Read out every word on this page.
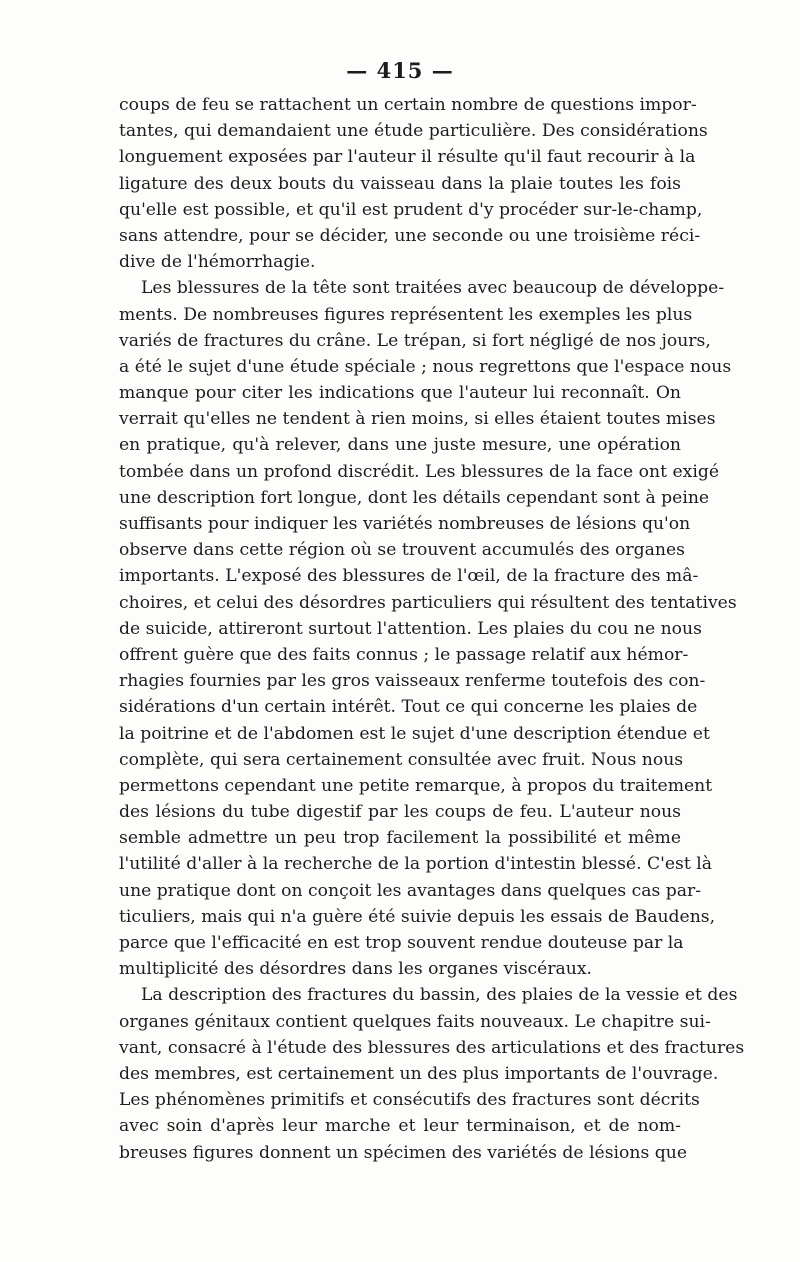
— 415 —
coups de feu se rattachent un certain nombre de questions impor-
tantes, qui demandaient une étude particulière. Des considérations
longuement exposées par l'auteur il résulte qu'il faut recourir à la
ligature des deux bouts du vaisseau dans la plaie toutes les fois
qu'elle est possible, et qu'il est prudent d'y procéder sur-le-champ,
sans attendre, pour se décider, une seconde ou une troisième réci-
dive de l'hémorrhagie.
Les blessures de la tête sont traitées avec beaucoup de développe-
ments. De nombreuses figures représentent les exemples les plus
variés de fractures du crâne. Le trépan, si fort négligé de nos jours,
a été le sujet d'une étude spéciale ; nous regrettons que l'espace nous
manque pour citer les indications que l'auteur lui reconnaît. On
verrait qu'elles ne tendent à rien moins, si elles étaient toutes mises
en pratique, qu'à relever, dans une juste mesure, une opération
tombée dans un profond discrédit. Les blessures de la face ont exigé
une description fort longue, dont les détails cependant sont à peine
suffisants pour indiquer les variétés nombreuses de lésions qu'on
observe dans cette région où se trouvent accumulés des organes
importants. L'exposé des blessures de l'œil, de la fracture des mâ-
choires, et celui des désordres particuliers qui résultent des tentatives
de suicide, attireront surtout l'attention. Les plaies du cou ne nous
offrent guère que des faits connus ; le passage relatif aux hémor-
rhagies fournies par les gros vaisseaux renferme toutefois des con-
sidérations d'un certain intérêt. Tout ce qui concerne les plaies de
la poitrine et de l'abdomen est le sujet d'une description étendue et
complète, qui sera certainement consultée avec fruit. Nous nous
permettons cependant une petite remarque, à propos du traitement
des lésions du tube digestif par les coups de feu. L'auteur nous
semble admettre un peu trop facilement la possibilité et même
l'utilité d'aller à la recherche de la portion d'intestin blessé. C'est là
une pratique dont on conçoit les avantages dans quelques cas par-
ticuliers, mais qui n'a guère été suivie depuis les essais de Baudens,
parce que l'efficacité en est trop souvent rendue douteuse par la
multiplicité des désordres dans les organes viscéraux.
La description des fractures du bassin, des plaies de la vessie et des
organes génitaux contient quelques faits nouveaux. Le chapitre sui-
vant, consacré à l'étude des blessures des articulations et des fractures
des membres, est certainement un des plus importants de l'ouvrage.
Les phénomènes primitifs et consécutifs des fractures sont décrits
avec soin d'après leur marche et leur terminaison, et de nom-
breuses figures donnent un spécimen des variétés de lésions que
